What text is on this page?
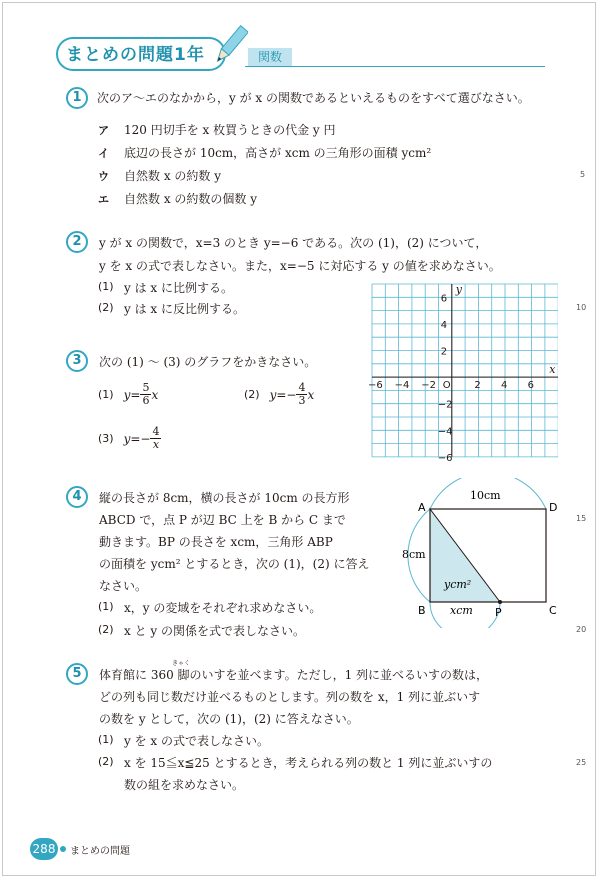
まとめの問題1年	関数
5
10
15
20
25
1	次のア～エのなかから，y が x の関数であるといえるものをすべて選びなさい。
ア 120 円切手を x 枚買うときの代金 y 円
イ 底辺の長さが 10cm，高さが xcm の三角形の面積 ycm²
ウ 自然数 x の約数 y
エ 自然数 x の約数の個数 y
2	y が x の関数で，x=3 のとき y=−6 である。次の (1)，(2) について，
y を x の式で表しなさい。また，x=−5 に対応する y の値を求めなさい。
(1) y は x に比例する。
(2) y は x に反比例する。
3	次の (1) ～ (3) のグラフをかきなさい。
(1) $y= \frac{5}{6}$ x	(2) $y=- \frac{4}{3}$ x
(3) $y=- \frac{4}{x}$
−6 −4 −2 O 2 4 6
6
4
2
−2
−4
−6
x
y
4	縦の長さが 8cm，横の長さが 10cm の長方形
ABCD で，点 P が辺 BC 上を B から C まで
動きます。BP の長さを xcm，三角形 ABP
の面積を ycm² とするとき，次の (1)，(2) に答え
なさい。
(1) x，y の変域をそれぞれ求めなさい。
(2) x と y の関係を式で表しなさい。
A
B	C
D
P
10cm
8cm
ycm²
xcm
5
きゃく
体育館に 360 脚のいすを並べます。ただし，1 列に並べるいすの数は，
どの列も同じ数だけ並べるものとします。列の数を x，1 列に並ぶいす
の数を y として，次の (1)，(2) に答えなさい。
(1) y を x の式で表しなさい。
(2) x を 15≦x≦25 とするとき，考えられる列の数と 1 列に並ぶいすの
数の組を求めなさい。
288 まとめの問題
